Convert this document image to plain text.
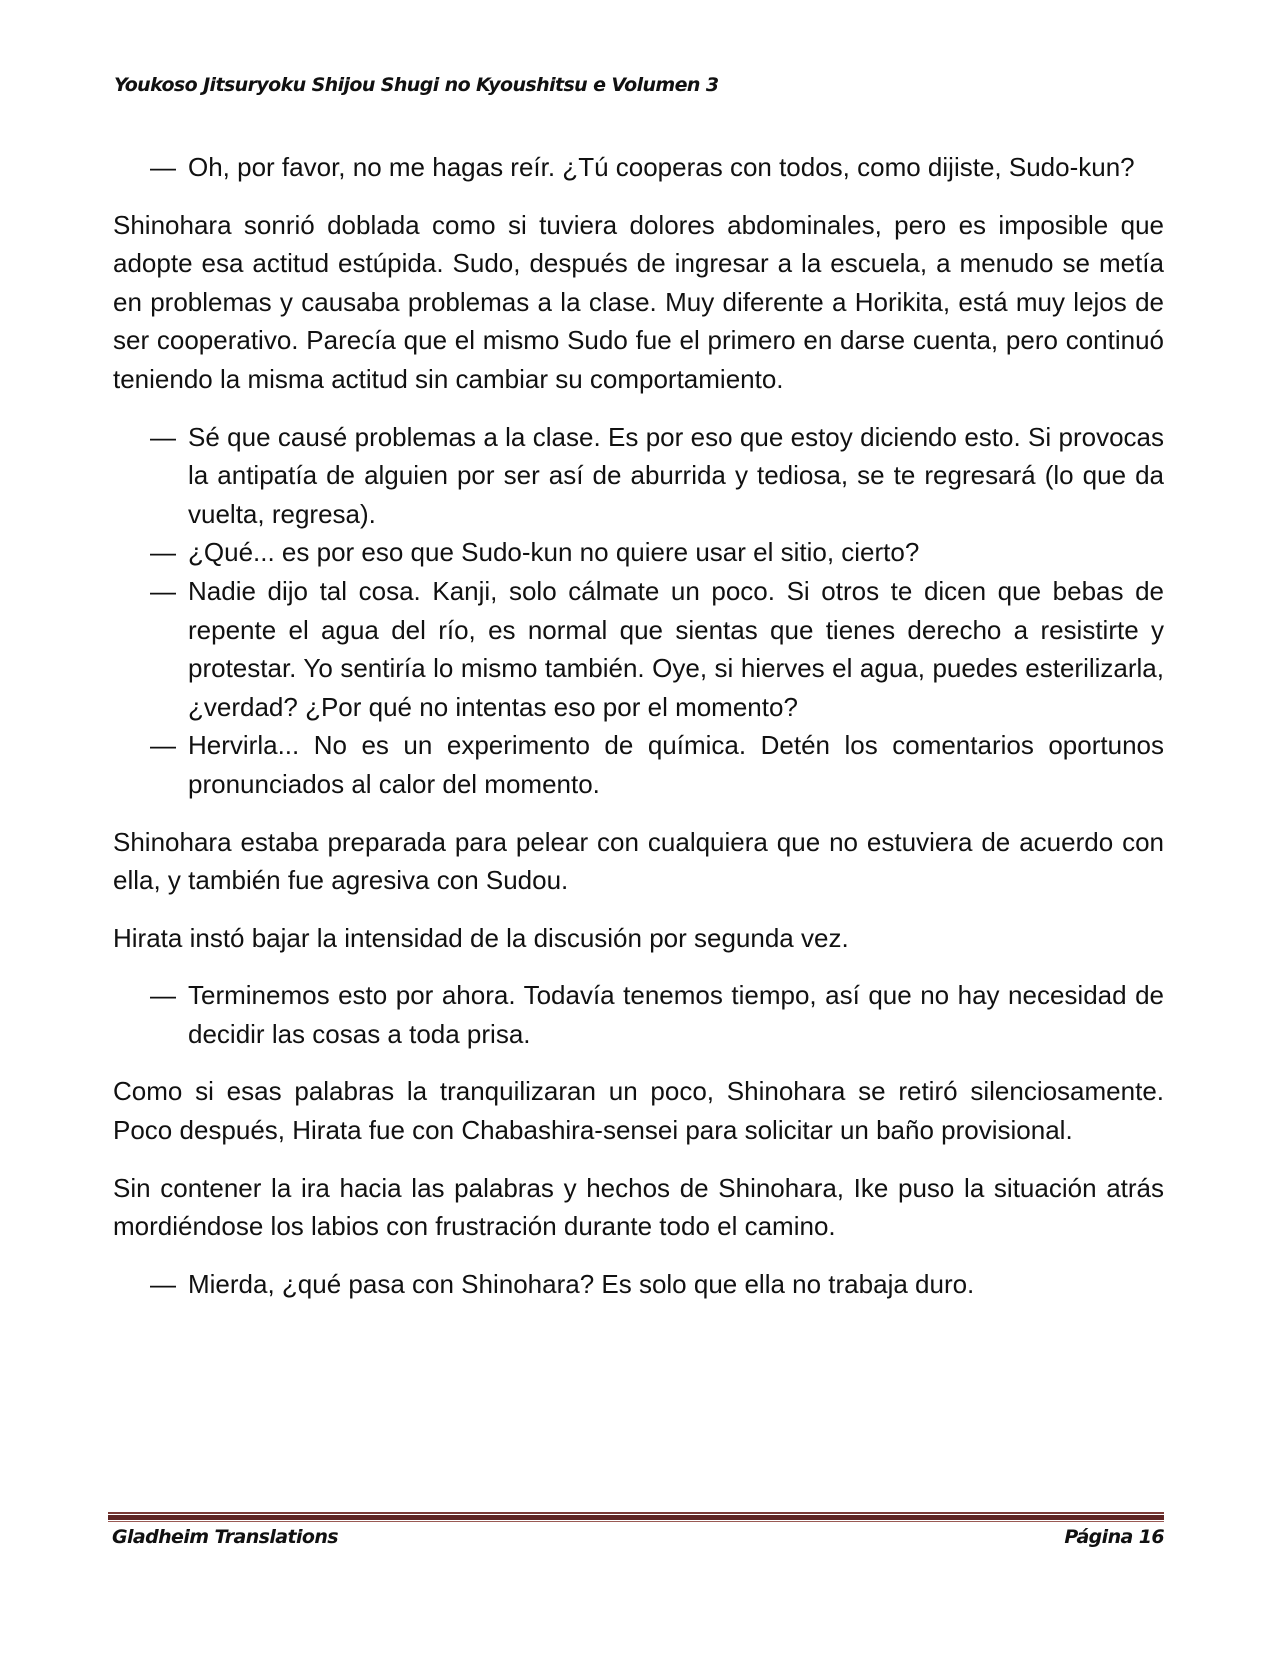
Youkoso Jitsuryoku Shijou Shugi no Kyoushitsu e Volumen 3

— Oh, por favor, no me hagas reír. ¿Tú cooperas con todos, como dijiste, Sudo-kun?

Shinohara sonrió doblada como si tuviera dolores abdominales, pero es imposible que adopte esa actitud estúpida. Sudo, después de ingresar a la escuela, a menudo se metía en problemas y causaba problemas a la clase. Muy diferente a Horikita, está muy lejos de ser cooperativo. Parecía que el mismo Sudo fue el primero en darse cuenta, pero continuó teniendo la misma actitud sin cambiar su comportamiento.

— Sé que causé problemas a la clase. Es por eso que estoy diciendo esto. Si provocas la antipatía de alguien por ser así de aburrida y tediosa, se te regresará (lo que da vuelta, regresa).

— ¿Qué... es por eso que Sudo-kun no quiere usar el sitio, cierto?

— Nadie dijo tal cosa. Kanji, solo cálmate un poco. Si otros te dicen que bebas de repente el agua del río, es normal que sientas que tienes derecho a resistirte y protestar. Yo sentiría lo mismo también. Oye, si hierves el agua, puedes esterilizarla, ¿verdad? ¿Por qué no intentas eso por el momento?

— Hervirla... No es un experimento de química. Detén los comentarios oportunos pronunciados al calor del momento.

Shinohara estaba preparada para pelear con cualquiera que no estuviera de acuerdo con ella, y también fue agresiva con Sudou.

Hirata instó bajar la intensidad de la discusión por segunda vez.

— Terminemos esto por ahora. Todavía tenemos tiempo, así que no hay necesidad de decidir las cosas a toda prisa.

Como si esas palabras la tranquilizaran un poco, Shinohara se retiró silenciosamente. Poco después, Hirata fue con Chabashira-sensei para solicitar un baño provisional.

Sin contener la ira hacia las palabras y hechos de Shinohara, Ike puso la situación atrás mordiéndose los labios con frustración durante todo el camino.

— Mierda, ¿qué pasa con Shinohara? Es solo que ella no trabaja duro.

Gladheim Translations	Página 16
